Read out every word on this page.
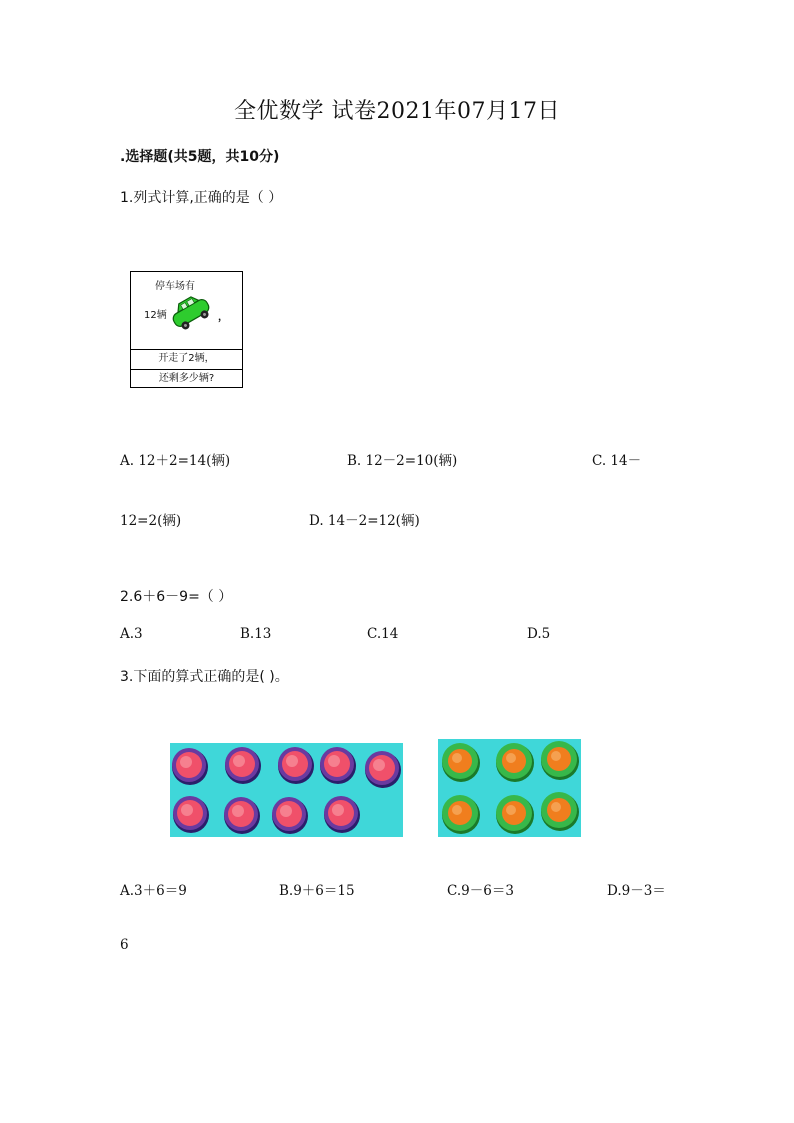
全优数学 试卷2021年07月17日
.选择题(共5题，共10分)
1.列式计算,正确的是（ ）
停车场有
12辆	，
开走了2辆，
还剩多少辆?
A. 12＋2=14(辆)	B. 12－2=10(辆)	C. 14－
12=2(辆)	D. 14－2=12(辆)
2.6＋6－9=（ ）
A.3	B.13	C.14	D.5
3.下面的算式正确的是( )。
A.3＋6＝9	B.9＋6＝15	C.9－6＝3	D.9－3＝
6
